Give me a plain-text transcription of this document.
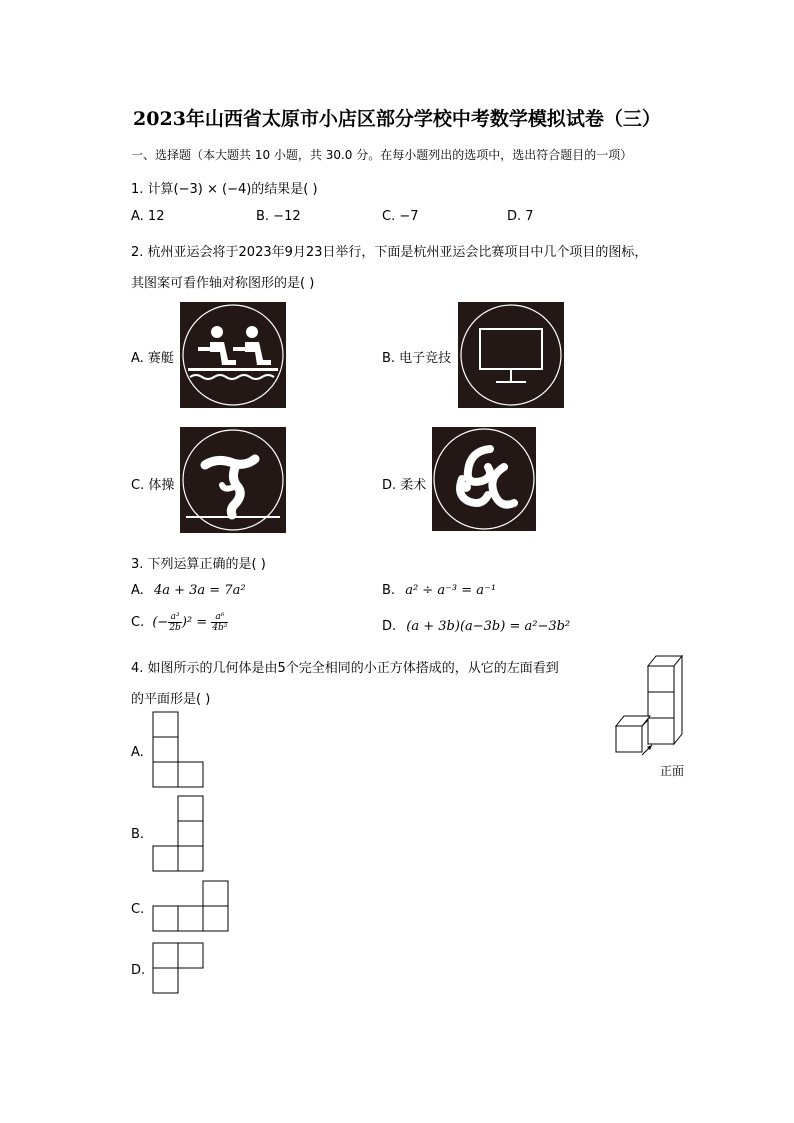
2023年山西省太原市小店区部分学校中考数学模拟试卷（三）
一、选择题（本大题共 10 小题，共 30.0 分。在每小题列出的选项中，选出符合题目的一项）
1. 计算(−3) × (−4)的结果是( )
A. 12	B. −12	C. −7	D. 7
2. 杭州亚运会将于2023年9月23日举行，下面是杭州亚运会比赛项目中几个项目的图标，
其图案可看作轴对称图形的是( )
A. 赛艇	B. 电子竞技
C. 体操	D. 柔术
3. 下列运算正确的是( )
A. 4a + 3a = 7a²	B. a² ÷ a⁻³ = a⁻¹
C. (− $\frac{\text{a³}}{2b} )^2 = \frac{\text{a⁶}}{\text{4b²}}$	D. (a + 3b)(a−3b) = a²−3b²
4. 如图所示的几何体是由5个完全相同的小正方体搭成的，从它的左面看到
的平面形是( )
正面
A.
B.
C.
D.
